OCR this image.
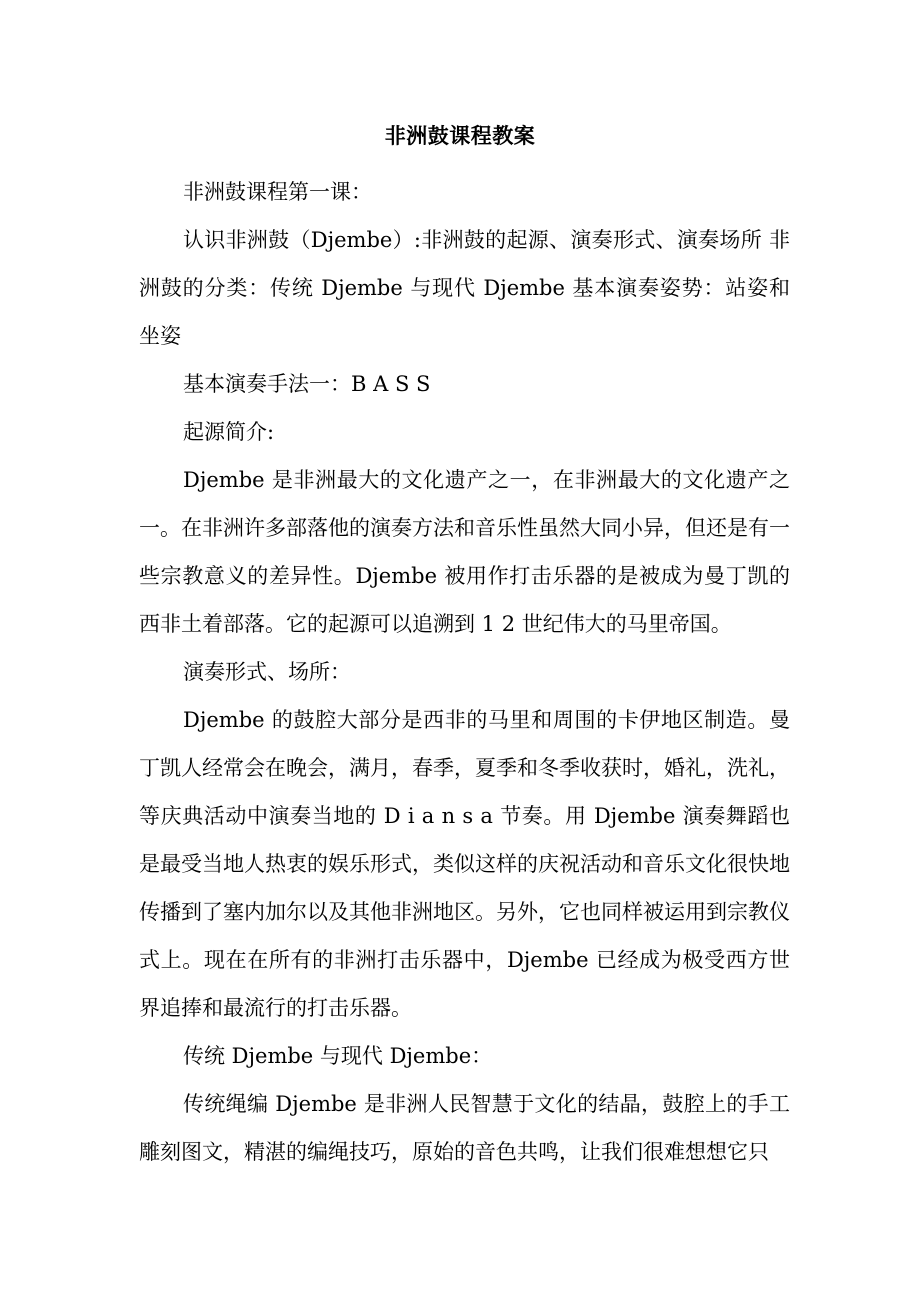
非洲鼓课程教案

非洲鼓课程第一课：

认识非洲鼓（Djembe）:非洲鼓的起源、演奏形式、演奏场所 非洲鼓的分类：传统 Djembe 与现代 Djembe 基本演奏姿势：站姿和坐姿

基本演奏手法一：B A S S

起源简介:

Djembe 是非洲最大的文化遗产之一，在非洲最大的文化遗产之一。在非洲许多部落他的演奏方法和音乐性虽然大同小异，但还是有一些宗教意义的差异性。Djembe 被用作打击乐器的是被成为曼丁凯的西非土着部落。它的起源可以追溯到 1 2 世纪伟大的马里帝国。

演奏形式、场所：

Djembe 的鼓腔大部分是西非的马里和周围的卡伊地区制造。曼丁凯人经常会在晚会，满月，春季，夏季和冬季收获时，婚礼，洗礼，等庆典活动中演奏当地的 D i a n s a 节奏。用 Djembe 演奏舞蹈也是最受当地人热衷的娱乐形式，类似这样的庆祝活动和音乐文化很快地传播到了塞内加尔以及其他非洲地区。另外，它也同样被运用到宗教仪式上。现在在所有的非洲打击乐器中，Djembe 已经成为极受西方世界追捧和最流行的打击乐器。

传统 Djembe 与现代 Djembe：

传统绳编 Djembe 是非洲人民智慧于文化的结晶，鼓腔上的手工雕刻图文，精湛的编绳技巧，原始的音色共鸣，让我们很难想想它只
